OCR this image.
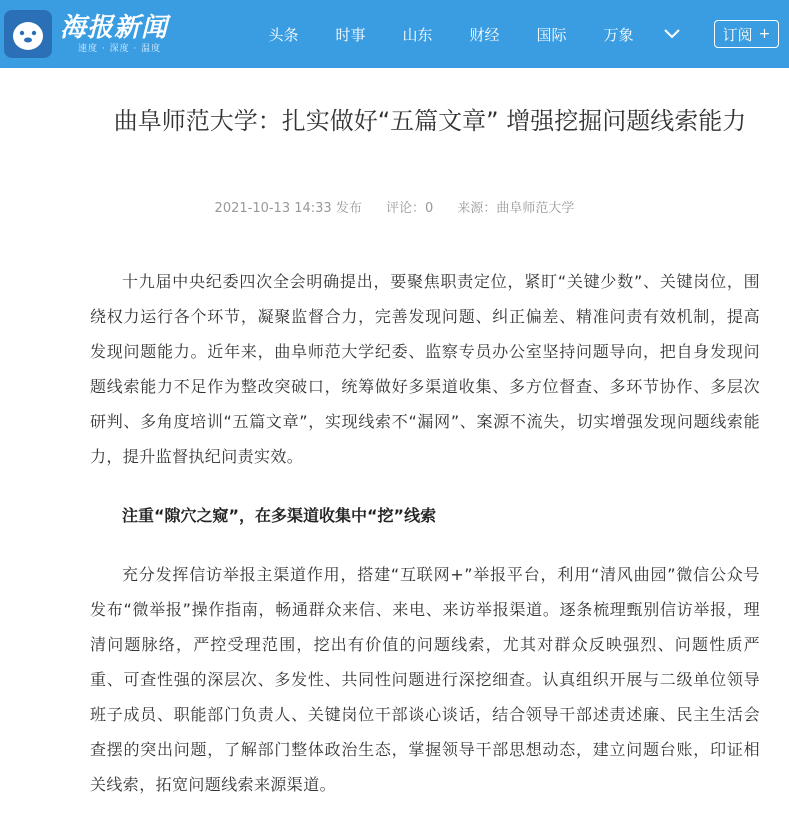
海报新闻
速度 · 深度 · 温度
头条	时事	山东	财经	国际	万象	订阅 +
曲阜师范大学：扎实做好“五篇文章” 增强挖掘问题线索能力
2021-10-13 14:33 发布 评论：0 来源：曲阜师范大学

十九届中央纪委四次全会明确提出，要聚焦职责定位，紧盯“关键少数”、关键岗位，围绕权力运行各个环节，凝聚监督合力，完善发现问题、纠正偏差、精准问责有效机制，提高发现问题能力。近年来，曲阜师范大学纪委、监察专员办公室坚持问题导向，把自身发现问题线索能力不足作为整改突破口，统筹做好多渠道收集、多方位督查、多环节协作、多层次研判、多角度培训“五篇文章”，实现线索不“漏网”、案源不流失，切实增强发现问题线索能力，提升监督执纪问责实效。

注重“隙穴之窥”，在多渠道收集中“挖”线索

充分发挥信访举报主渠道作用，搭建“互联网+”举报平台，利用“清风曲园”微信公众号发布“微举报”操作指南，畅通群众来信、来电、来访举报渠道。逐条梳理甄别信访举报，理清问题脉络，严控受理范围，挖出有价值的问题线索，尤其对群众反映强烈、问题性质严重、可查性强的深层次、多发性、共同性问题进行深挖细查。认真组织开展与二级单位领导班子成员、职能部门负责人、关键岗位干部谈心谈话，结合领导干部述责述廉、民主生活会查摆的突出问题，了解部门整体政治生态，掌握领导干部思想动态，建立问题台账，印证相关线索，拓宽问题线索来源渠道。
